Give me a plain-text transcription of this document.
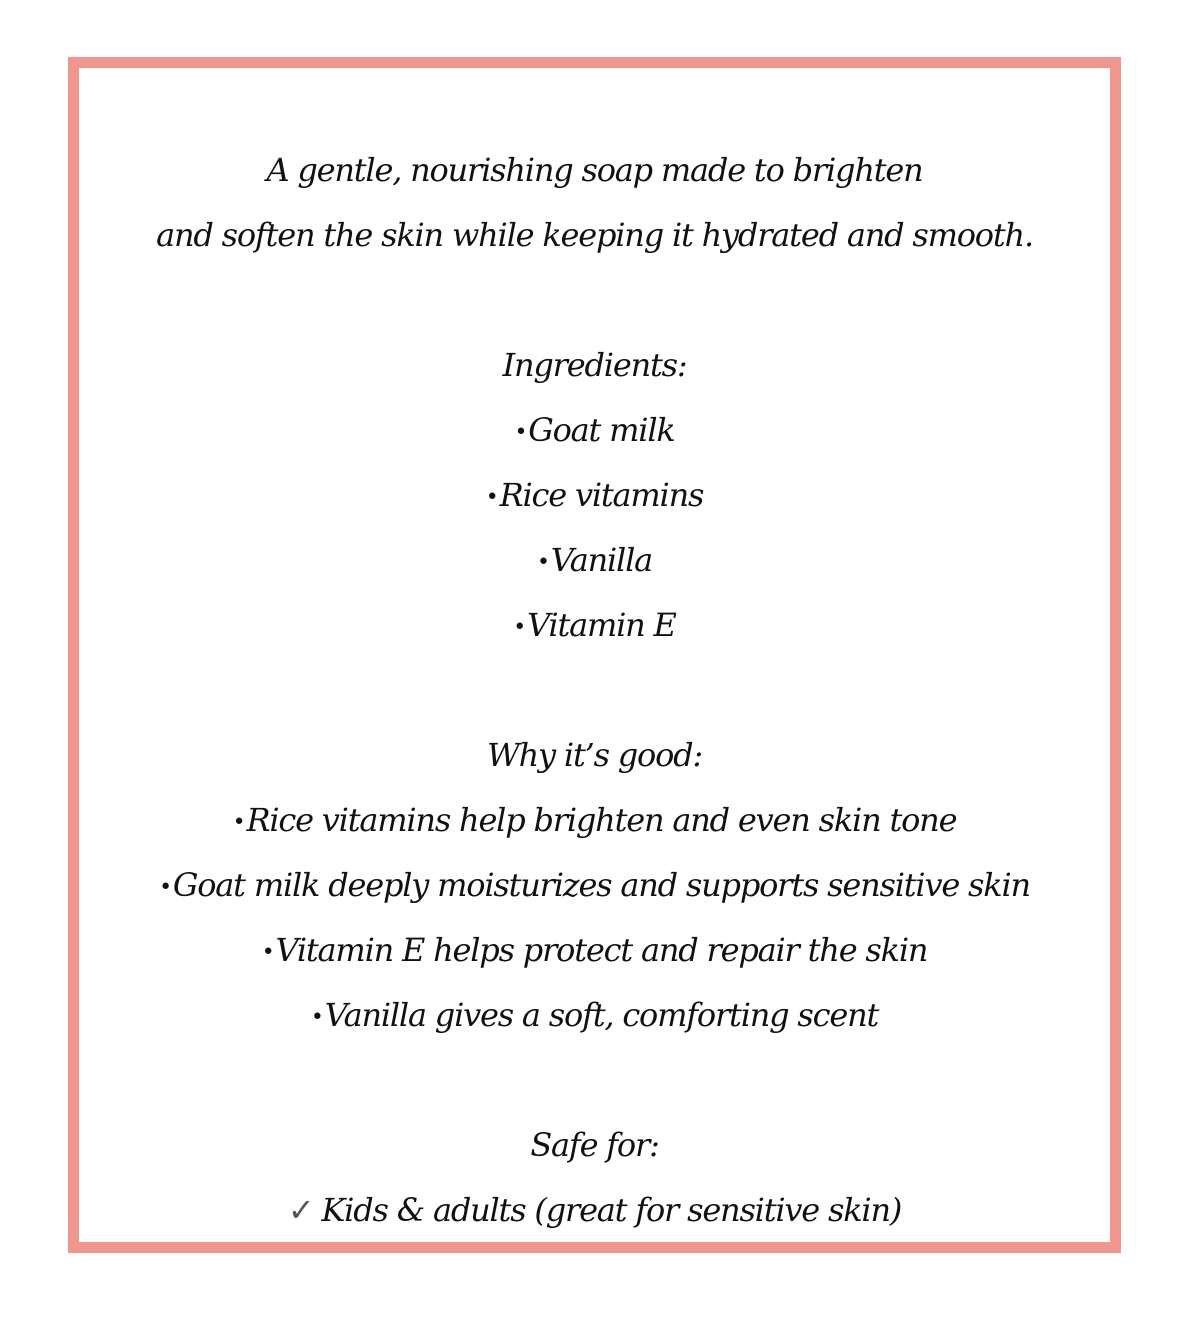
A gentle, nourishing soap made to brighten
and soften the skin while keeping it hydrated and smooth.
Ingredients:
•Goat milk
•Rice vitamins
•Vanilla
•Vitamin E
Why it’s good:
•Rice vitamins help brighten and even skin tone
•Goat milk deeply moisturizes and supports sensitive skin
•Vitamin E helps protect and repair the skin
•Vanilla gives a soft, comforting scent
Safe for:
✓ Kids & adults (great for sensitive skin)
